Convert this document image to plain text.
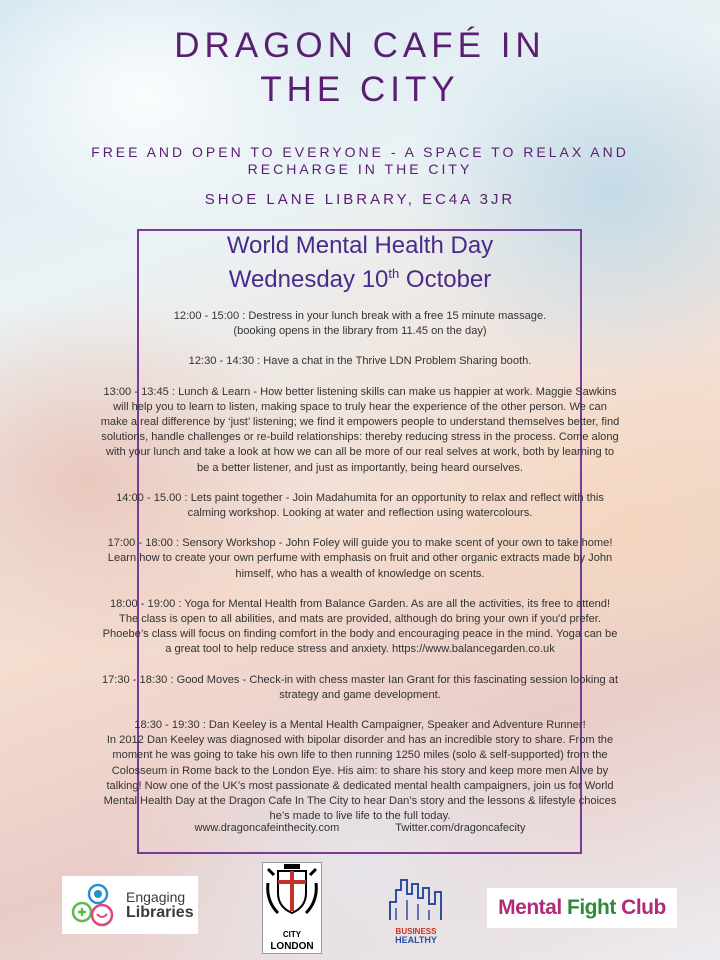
DRAGON CAFÉ IN
THE CITY
FREE AND OPEN TO EVERYONE - A SPACE TO RELAX AND RECHARGE IN THE CITY
SHOE LANE LIBRARY, EC4A 3JR
World Mental Health Day
Wednesday 10th October

12:00 - 15:00 : Destress in your lunch break with a free 15 minute massage.
(booking opens in the library from 11.45 on the day)

12:30 - 14:30 : Have a chat in the Thrive LDN Problem Sharing booth.

13:00 - 13:45 : Lunch & Learn - How better listening skills can make us happier at work. Maggie Sawkins will help you to learn to listen, making space to truly hear the experience of the other person. We can make a real difference by ‘just’ listening; we find it empowers people to understand themselves better, find solutions, handle challenges or re-build relationships: thereby reducing stress in the process. Come along with your lunch and take a look at how we can all be more of our real selves at work, both by learning to be a better listener, and just as importantly, being heard ourselves.

14:00 - 15.00 : Lets paint together - Join Madahumita for an opportunity to relax and reflect with this calming workshop. Looking at water and reflection using watercolours.

17:00 - 18:00 : Sensory Workshop - John Foley will guide you to make scent of your own to take home! Learn how to create your own perfume with emphasis on fruit and other organic extracts made by John himself, who has a wealth of knowledge on scents.

18:00 - 19:00 : Yoga for Mental Health from Balance Garden. As are all the activities, its free to attend! The class is open to all abilities, and mats are provided, although do bring your own if you'd prefer. Phoebe’s class will focus on finding comfort in the body and encouraging peace in the mind. Yoga can be a great tool to help reduce stress and anxiety. https://www.balancegarden.co.uk

17:30 - 18:30 : Good Moves - Check-in with chess master Ian Grant for this fascinating session looking at strategy and game development.

18:30 - 19:30 : Dan Keeley is a Mental Health Campaigner, Speaker and Adventure Runner!
In 2012 Dan Keeley was diagnosed with bipolar disorder and has an incredible story to share. From the moment he was going to take his own life to then running 1250 miles (solo & self-supported) from the Colosseum in Rome back to the London Eye. His aim: to share his story and keep more men Alive by talking! Now one of the UK’s most passionate & dedicated mental health campaigners, join us for World Mental Health Day at the Dragon Cafe In The City to hear Dan’s story and the lessons & lifestyle choices he’s made to live life to the full today.

www.dragoncafeinthecity.com	Twitter.com/dragoncafecity
Engaging
Libraries
CITY
LONDON
BUSINESS
HEALTHY
Mental Fight Club
